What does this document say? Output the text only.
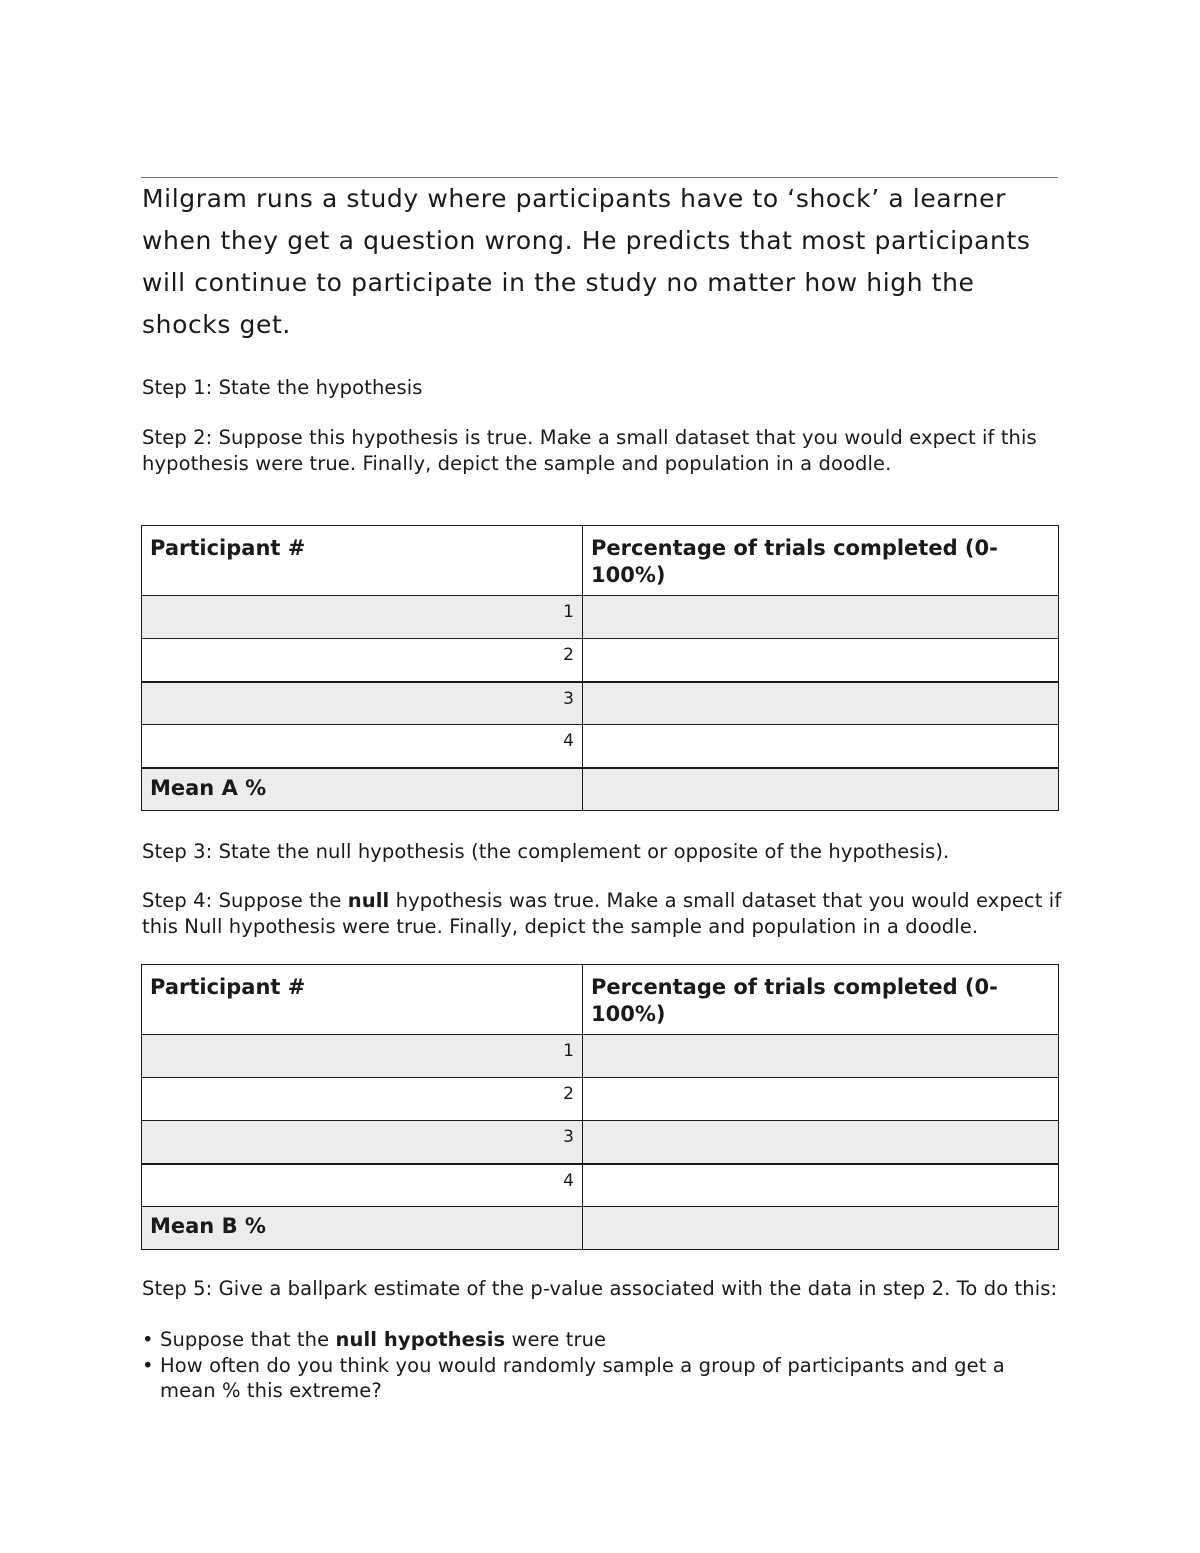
Milgram runs a study where participants have to ‘shock’ a learner when they get a question wrong. He predicts that most participants will continue to participate in the study no matter how high the shocks get.

Step 1: State the hypothesis

Step 2: Suppose this hypothesis is true. Make a small dataset that you would expect if this hypothesis were true. Finally, depict the sample and population in a doodle.

Participant #	Percentage of trials completed (0-100%)
1	
2	
3	
4	
Mean A %	

Step 3: State the null hypothesis (the complement or opposite of the hypothesis).

Step 4: Suppose the null hypothesis was true. Make a small dataset that you would expect if this Null hypothesis were true. Finally, depict the sample and population in a doodle.

Participant #	Percentage of trials completed (0-100%)
1	
2	
3	
4	
Mean B %	

Step 5: Give a ballpark estimate of the p-value associated with the data in step 2. To do this:

• Suppose that the null hypothesis were true
• How often do you think you would randomly sample a group of participants and get a mean % this extreme?
